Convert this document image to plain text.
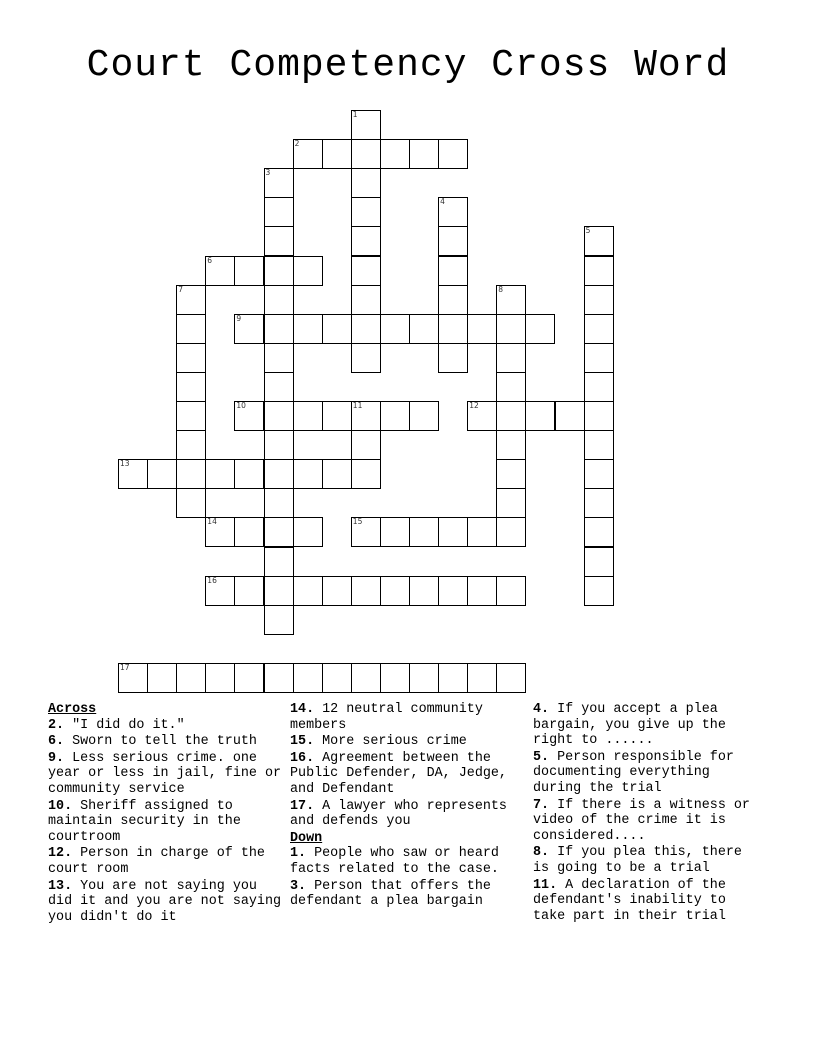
Court Competency Cross Word
1
2
3
4
5
6
7	8
9
10	11	12
13
14	15
16
17
Across
2. "I did do it."
6. Sworn to tell the truth
9. Less serious crime. one year or less in jail, fine or community service
10. Sheriff assigned to maintain security in the courtroom
12. Person in charge of the court room
13. You are not saying you did it and you are not saying you didn't do it
14. 12 neutral community members
15. More serious crime
16. Agreement between the Public Defender, DA, Jedge, and Defendant
17. A lawyer who represents and defends you
Down
1. People who saw or heard facts related to the case.
3. Person that offers the defendant a plea bargain
4. If you accept a plea bargain, you give up the right to ......
5. Person responsible for documenting everything during the trial
7. If there is a witness or video of the crime it is considered....
8. If you plea this, there is going to be a trial
11. A declaration of the defendant's inability to take part in their trial
